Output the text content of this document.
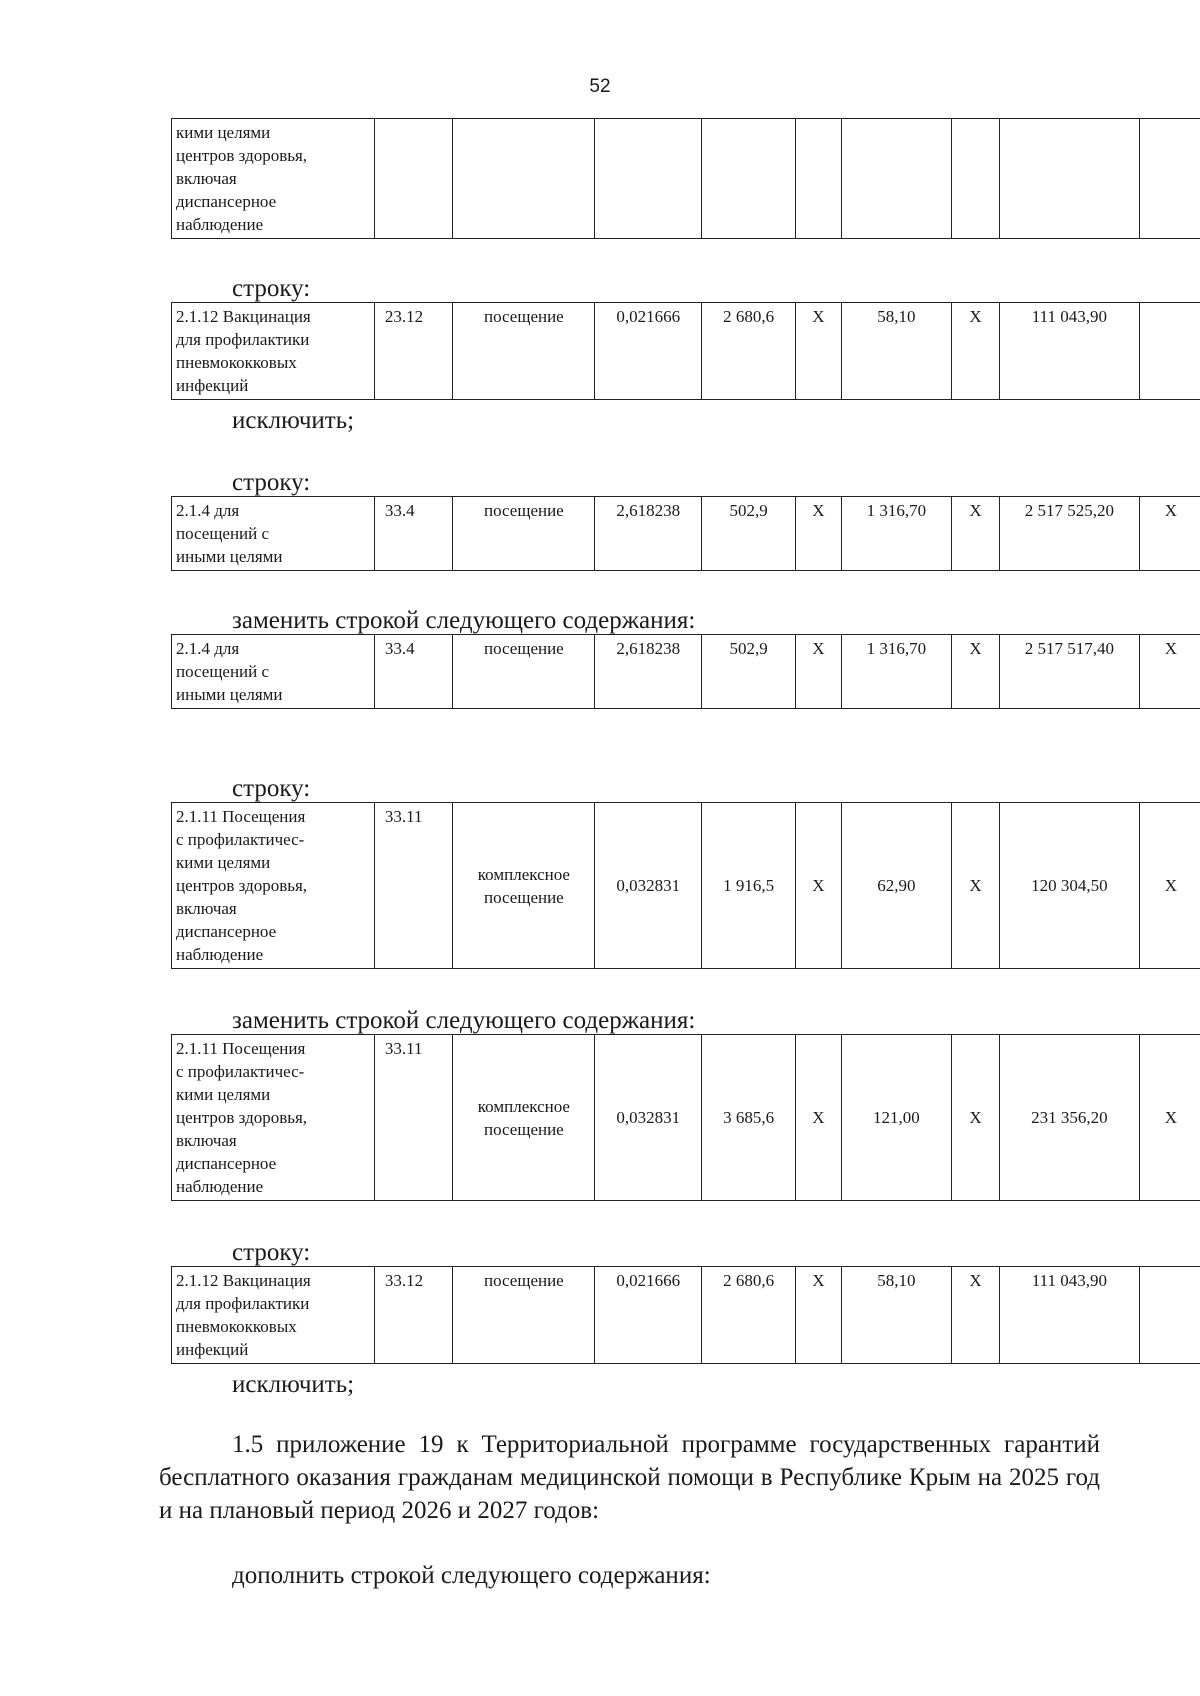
52
кими целями
центров здоровья,
включая
диспансерное
наблюдение									
строку:
2.1.12 Вакцинация
для профилактики
пневмококковых
инфекций	23.12	посещение	0,021666	2 680,6	X	58,10	X	111 043,90	
исключить;
строку:
2.1.4 для
посещений с
иными целями	33.4	посещение	2,618238	502,9	X	1 316,70	X	2 517 525,20	X
заменить строкой следующего содержания:
2.1.4 для
посещений с
иными целями	33.4	посещение	2,618238	502,9	X	1 316,70	X	2 517 517,40	X
строку:
2.1.11 Посещения
с профилактичес-
кими целями
центров здоровья,
включая
диспансерное
наблюдение	33.11	комплексное посещение	0,032831	1 916,5	X	62,90	X	120 304,50	X
заменить строкой следующего содержания:
2.1.11 Посещения
с профилактичес-
кими целями
центров здоровья,
включая
диспансерное
наблюдение	33.11	комплексное посещение	0,032831	3 685,6	X	121,00	X	231 356,20	X
строку:
2.1.12 Вакцинация
для профилактики
пневмококковых
инфекций	33.12	посещение	0,021666	2 680,6	X	58,10	X	111 043,90	
исключить;
1.5 приложение 19 к Территориальной программе государственных гарантий бесплатного оказания гражданам медицинской помощи в Республике Крым на 2025 год и на плановый период 2026 и 2027 годов:
дополнить строкой следующего содержания:
